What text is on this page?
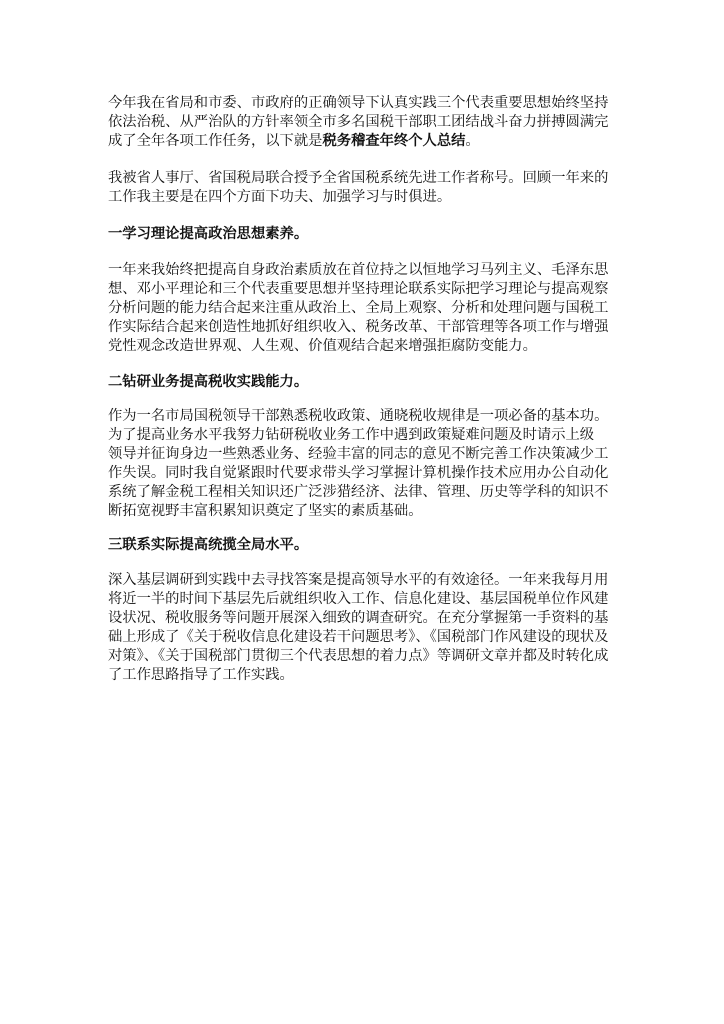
今年我在省局和市委、市政府的正确领导下认真实践三个代表重要思想始终坚持
依法治税、从严治队的方针率领全市多名国税干部职工团结战斗奋力拼搏圆满完
成了全年各项工作任务，以下就是税务稽查年终个人总结。
我被省人事厅、省国税局联合授予全省国税系统先进工作者称号。回顾一年来的
工作我主要是在四个方面下功夫、加强学习与时俱进。
一学习理论提高政治思想素养。
一年来我始终把提高自身政治素质放在首位持之以恒地学习马列主义、毛泽东思
想、邓小平理论和三个代表重要思想并坚持理论联系实际把学习理论与提高观察
分析问题的能力结合起来注重从政治上、全局上观察、分析和处理问题与国税工
作实际结合起来创造性地抓好组织收入、税务改革、干部管理等各项工作与增强
党性观念改造世界观、人生观、价值观结合起来增强拒腐防变能力。
二钻研业务提高税收实践能力。
作为一名市局国税领导干部熟悉税收政策、通晓税收规律是一项必备的基本功。
为了提高业务水平我努力钻研税收业务工作中遇到政策疑难问题及时请示上级
领导并征询身边一些熟悉业务、经验丰富的同志的意见不断完善工作决策减少工
作失误。同时我自觉紧跟时代要求带头学习掌握计算机操作技术应用办公自动化
系统了解金税工程相关知识还广泛涉猎经济、法律、管理、历史等学科的知识不
断拓宽视野丰富积累知识奠定了坚实的素质基础。
三联系实际提高统揽全局水平。
深入基层调研到实践中去寻找答案是提高领导水平的有效途径。一年来我每月用
将近一半的时间下基层先后就组织收入工作、信息化建设、基层国税单位作风建
设状况、税收服务等问题开展深入细致的调查研究。在充分掌握第一手资料的基
础上形成了《关于税收信息化建设若干问题思考》、《国税部门作风建设的现状及
对策》、《关于国税部门贯彻三个代表思想的着力点》等调研文章并都及时转化成
了工作思路指导了工作实践。
